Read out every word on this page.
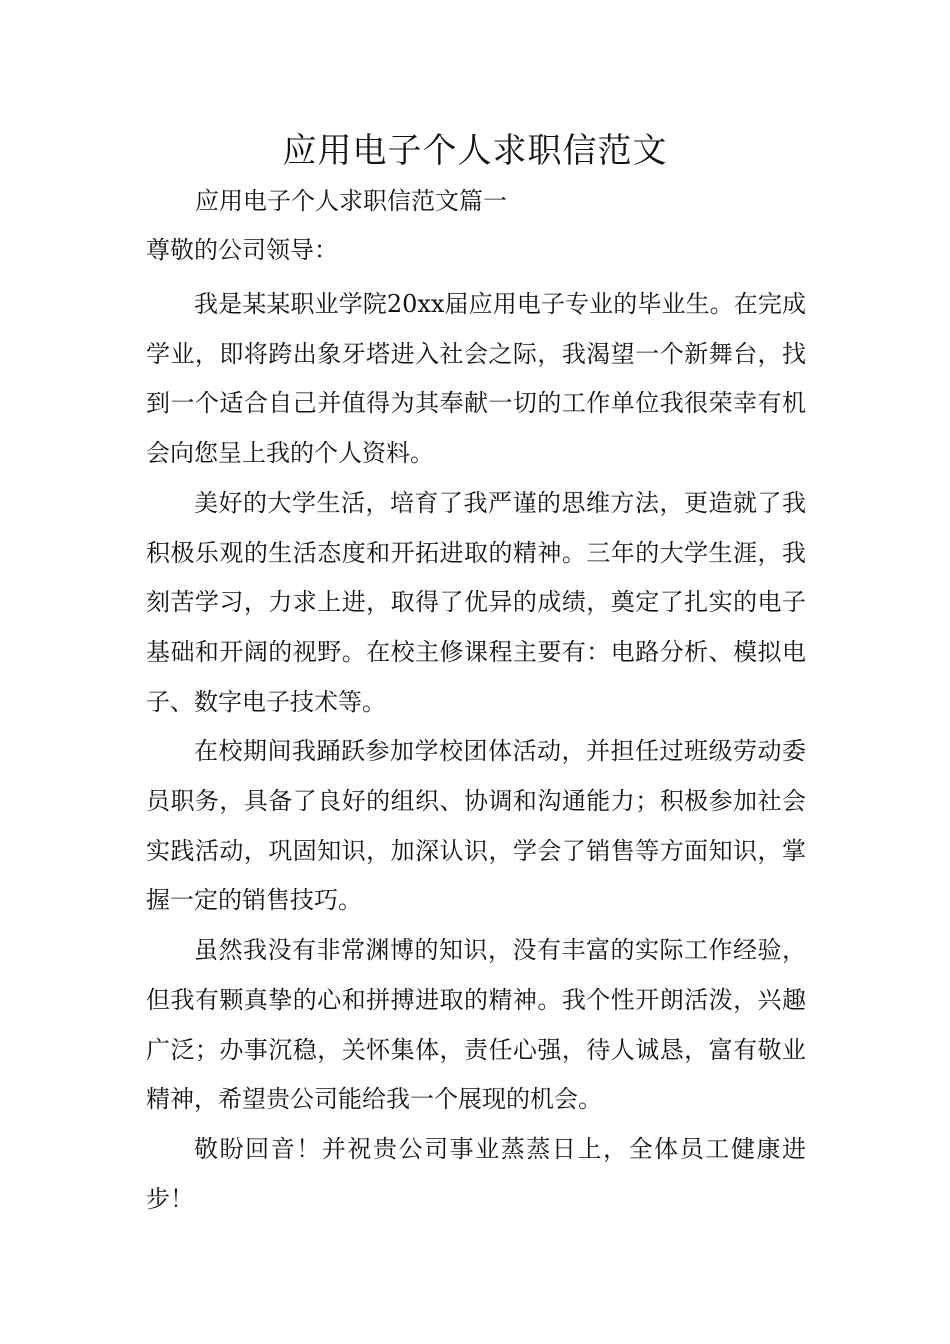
应用电子个人求职信范文

应用电子个人求职信范文篇一

尊敬的公司领导：

我是某某职业学院20xx届应用电子专业的毕业生。在完成学业，即将跨出象牙塔进入社会之际，我渴望一个新舞台，找到一个适合自己并值得为其奉献一切的工作单位我很荣幸有机会向您呈上我的个人资料。

美好的大学生活，培育了我严谨的思维方法，更造就了我积极乐观的生活态度和开拓进取的精神。三年的大学生涯，我刻苦学习，力求上进，取得了优异的成绩，奠定了扎实的电子基础和开阔的视野。在校主修课程主要有：电路分析、模拟电子、数字电子技术等。

在校期间我踊跃参加学校团体活动，并担任过班级劳动委员职务，具备了良好的组织、协调和沟通能力；积极参加社会实践活动，巩固知识，加深认识，学会了销售等方面知识，掌握一定的销售技巧。

虽然我没有非常渊博的知识，没有丰富的实际工作经验，但我有颗真挚的心和拼搏进取的精神。我个性开朗活泼，兴趣广泛；办事沉稳，关怀集体，责任心强，待人诚恳，富有敬业精神，希望贵公司能给我一个展现的机会。

敬盼回音！并祝贵公司事业蒸蒸日上，全体员工健康进步！
